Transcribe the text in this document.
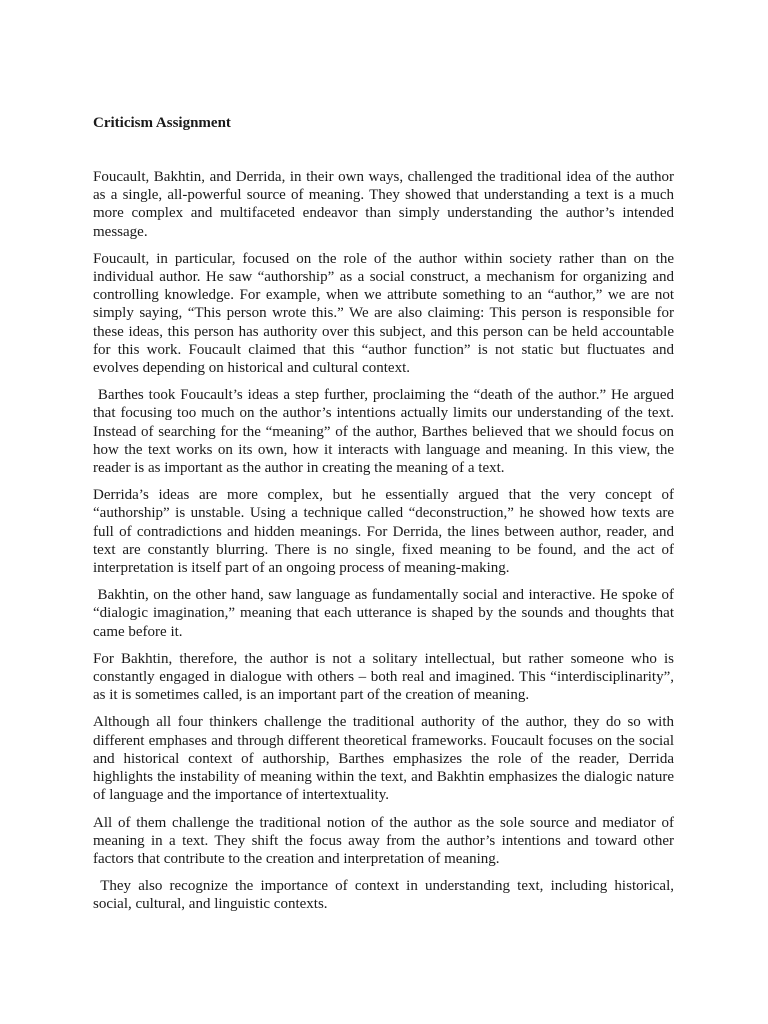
Criticism Assignment

Foucault, Bakhtin, and Derrida, in their own ways, challenged the traditional idea of the author as a single, all-powerful source of meaning. They showed that understanding a text is a much more complex and multifaceted endeavor than simply understanding the author’s intended message.

Foucault, in particular, focused on the role of the author within society rather than on the individual author. He saw “authorship” as a social construct, a mechanism for organizing and controlling knowledge. For example, when we attribute something to an “author,” we are not simply saying, “This person wrote this.” We are also claiming: This person is responsible for these ideas, this person has authority over this subject, and this person can be held accountable for this work. Foucault claimed that this “author function” is not static but fluctuates and evolves depending on historical and cultural context.

Barthes took Foucault’s ideas a step further, proclaiming the “death of the author.” He argued that focusing too much on the author’s intentions actually limits our understanding of the text. Instead of searching for the “meaning” of the author, Barthes believed that we should focus on how the text works on its own, how it interacts with language and meaning. In this view, the reader is as important as the author in creating the meaning of a text.

Derrida’s ideas are more complex, but he essentially argued that the very concept of “authorship” is unstable. Using a technique called “deconstruction,” he showed how texts are full of contradictions and hidden meanings. For Derrida, the lines between author, reader, and text are constantly blurring. There is no single, fixed meaning to be found, and the act of interpretation is itself part of an ongoing process of meaning-making.

Bakhtin, on the other hand, saw language as fundamentally social and interactive. He spoke of “dialogic imagination,” meaning that each utterance is shaped by the sounds and thoughts that came before it.

For Bakhtin, therefore, the author is not a solitary intellectual, but rather someone who is constantly engaged in dialogue with others – both real and imagined. This “interdisciplinarity”, as it is sometimes called, is an important part of the creation of meaning.

Although all four thinkers challenge the traditional authority of the author, they do so with different emphases and through different theoretical frameworks. Foucault focuses on the social and historical context of authorship, Barthes emphasizes the role of the reader, Derrida highlights the instability of meaning within the text, and Bakhtin emphasizes the dialogic nature of language and the importance of intertextuality.

All of them challenge the traditional notion of the author as the sole source and mediator of meaning in a text. They shift the focus away from the author’s intentions and toward other factors that contribute to the creation and interpretation of meaning.

They also recognize the importance of context in understanding text, including historical, social, cultural, and linguistic contexts.
